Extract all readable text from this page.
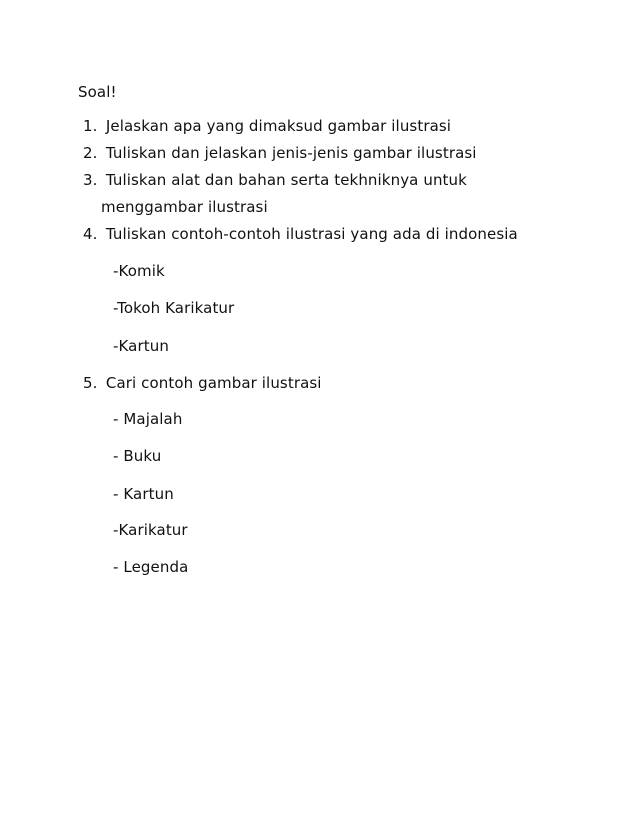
Soal!
1. Jelaskan apa yang dimaksud gambar ilustrasi
2. Tuliskan dan jelaskan jenis-jenis gambar ilustrasi
3. Tuliskan alat dan bahan serta tekhniknya untuk
menggambar ilustrasi
4. Tuliskan contoh-contoh ilustrasi yang ada di indonesia
-Komik
-Tokoh Karikatur
-Kartun
5. Cari contoh gambar ilustrasi
- Majalah
- Buku
- Kartun
-Karikatur
- Legenda
